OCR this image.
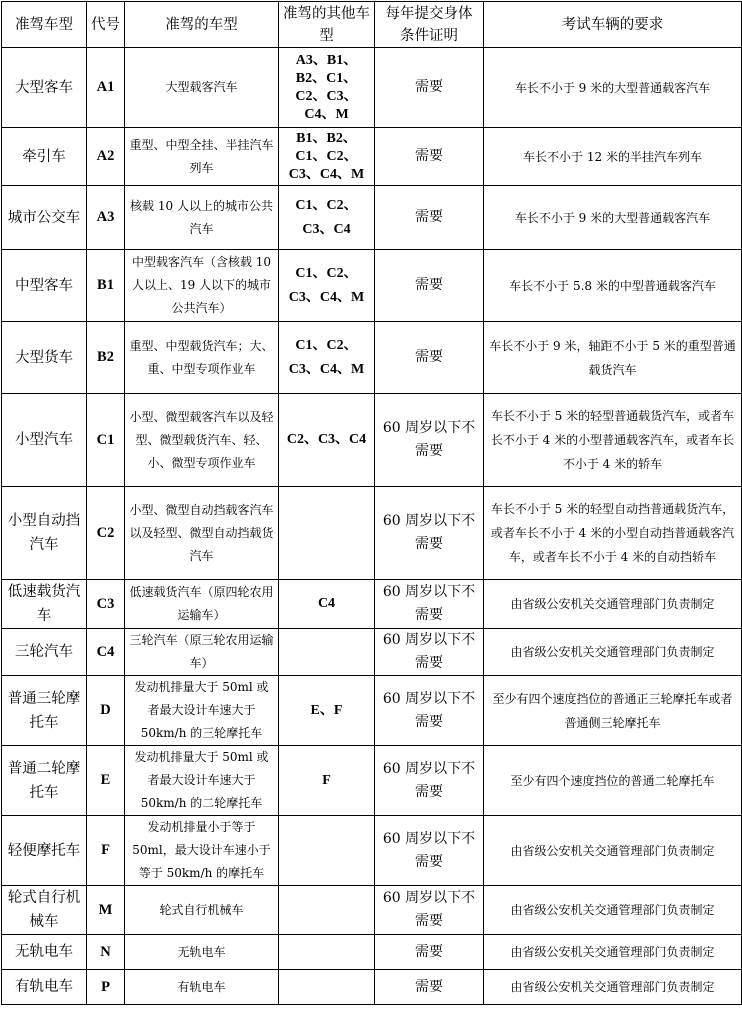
准驾车型	代号	准驾的车型	准驾的其他车型	每年提交身体条件证明	考试车辆的要求
大型客车	A1	大型载客汽车	A3、B1、B2、C1、C2、C3、C4、M	需要	车长不小于 9 米的大型普通载客汽车
牵引车	A2	重型、中型全挂、半挂汽车列车	B1、B2、C1、C2、C3、C4、M	需要	车长不小于 12 米的半挂汽车列车
城市公交车	A3	核载 10 人以上的城市公共汽车	C1、C2、C3、C4	需要	车长不小于 9 米的大型普通载客汽车
中型客车	B1	中型载客汽车（含核载 10 人以上、19 人以下的城市公共汽车）	C1、C2、C3、C4、M	需要	车长不小于 5.8 米的中型普通载客汽车
大型货车	B2	重型、中型载货汽车；大、重、中型专项作业车	C1、C2、C3、C4、M	需要	车长不小于 9 米，轴距不小于 5 米的重型普通载货汽车
小型汽车	C1	小型、微型载客汽车以及轻型、微型载货汽车、轻、小、微型专项作业车	C2、C3、C4	60 周岁以下不需要	车长不小于 5 米的轻型普通载货汽车，或者车长不小于 4 米的小型普通载客汽车，或者车长不小于 4 米的轿车
小型自动挡汽车	C2	小型、微型自动挡载客汽车以及轻型、微型自动挡载货汽车		60 周岁以下不需要	车长不小于 5 米的轻型自动挡普通载货汽车，或者车长不小于 4 米的小型自动挡普通载客汽车，或者车长不小于 4 米的自动挡轿车
低速载货汽车	C3	低速载货汽车（原四轮农用运输车）	C4	60 周岁以下不需要	由省级公安机关交通管理部门负责制定
三轮汽车	C4	三轮汽车（原三轮农用运输车）		60 周岁以下不需要	由省级公安机关交通管理部门负责制定
普通三轮摩托车	D	发动机排量大于 50ml 或者最大设计车速大于 50km/h 的三轮摩托车	E、F	60 周岁以下不需要	至少有四个速度挡位的普通正三轮摩托车或者普通侧三轮摩托车
普通二轮摩托车	E	发动机排量大于 50ml 或者最大设计车速大于 50km/h 的二轮摩托车	F	60 周岁以下不需要	至少有四个速度挡位的普通二轮摩托车
轻便摩托车	F	发动机排量小于等于 50ml，最大设计车速小于等于 50km/h 的摩托车		60 周岁以下不需要	由省级公安机关交通管理部门负责制定
轮式自行机械车	M	轮式自行机械车		60 周岁以下不需要	由省级公安机关交通管理部门负责制定
无轨电车	N	无轨电车		需要	由省级公安机关交通管理部门负责制定
有轨电车	P	有轨电车		需要	由省级公安机关交通管理部门负责制定
